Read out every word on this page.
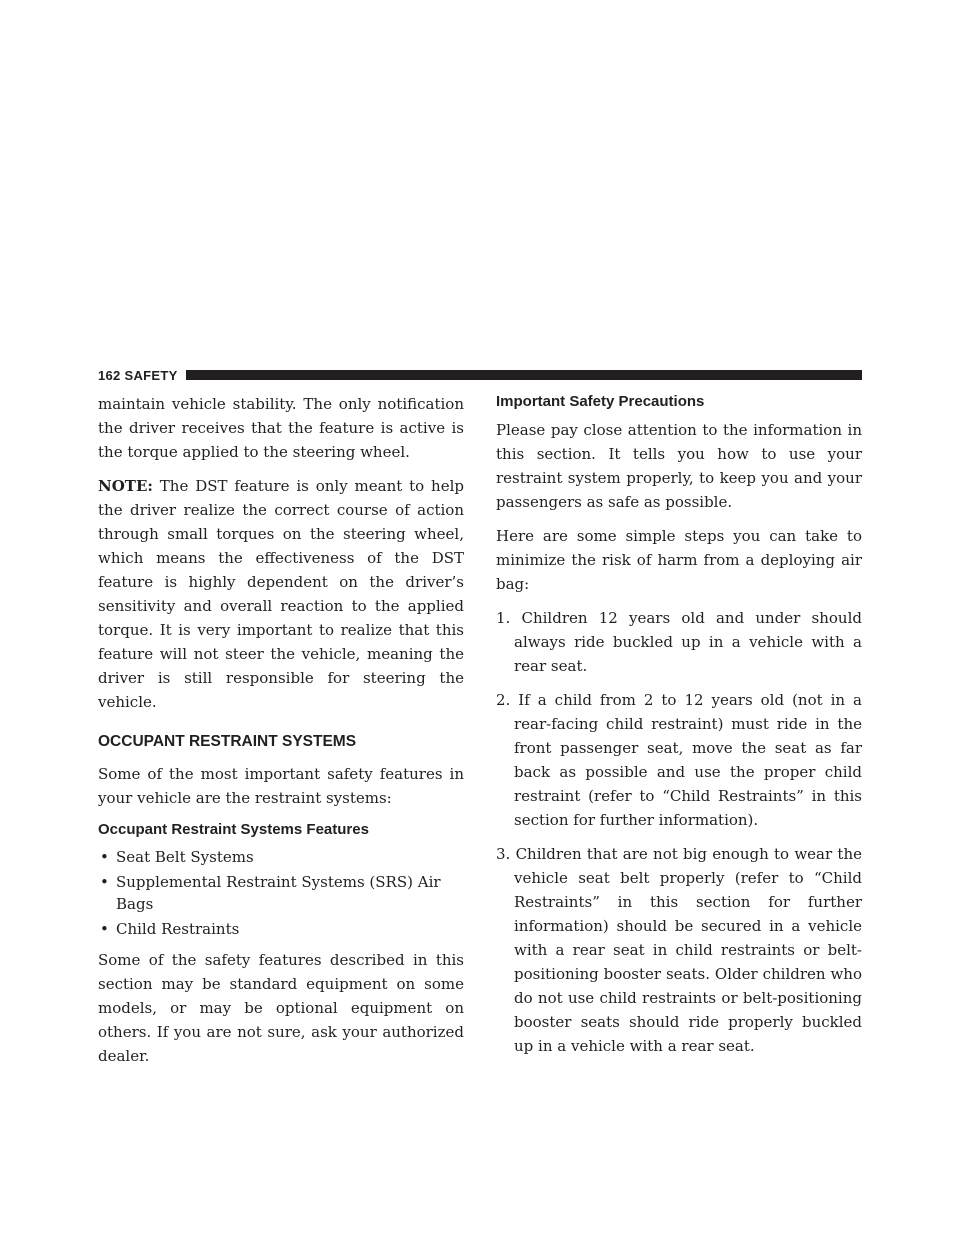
162 SAFETY

maintain vehicle stability. The only notification the driver receives that the feature is active is the torque applied to the steering wheel.

NOTE: The DST feature is only meant to help the driver realize the correct course of action through small torques on the steering wheel, which means the effectiveness of the DST feature is highly dependent on the driver’s sensitivity and overall reaction to the applied torque. It is very important to realize that this feature will not steer the vehicle, meaning the driver is still responsible for steering the vehicle.

OCCUPANT RESTRAINT SYSTEMS

Some of the most important safety features in your vehicle are the restraint systems:

Occupant Restraint Systems Features
• Seat Belt Systems
• Supplemental Restraint Systems (SRS) Air Bags
• Child Restraints

Some of the safety features described in this section may be standard equipment on some models, or may be optional equipment on others. If you are not sure, ask your authorized dealer.

Important Safety Precautions

Please pay close attention to the information in this section. It tells you how to use your restraint system properly, to keep you and your passengers as safe as possible.

Here are some simple steps you can take to minimize the risk of harm from a deploying air bag:

1. Children 12 years old and under should always ride buckled up in a vehicle with a rear seat.
2. If a child from 2 to 12 years old (not in a rear-facing child restraint) must ride in the front passenger seat, move the seat as far back as possible and use the proper child restraint (refer to “Child Restraints” in this section for further information).
3. Children that are not big enough to wear the vehicle seat belt properly (refer to “Child Restraints” in this section for further information) should be secured in a vehicle with a rear seat in child restraints or belt-positioning booster seats. Older children who do not use child restraints or belt-positioning booster seats should ride properly buckled up in a vehicle with a rear seat.
